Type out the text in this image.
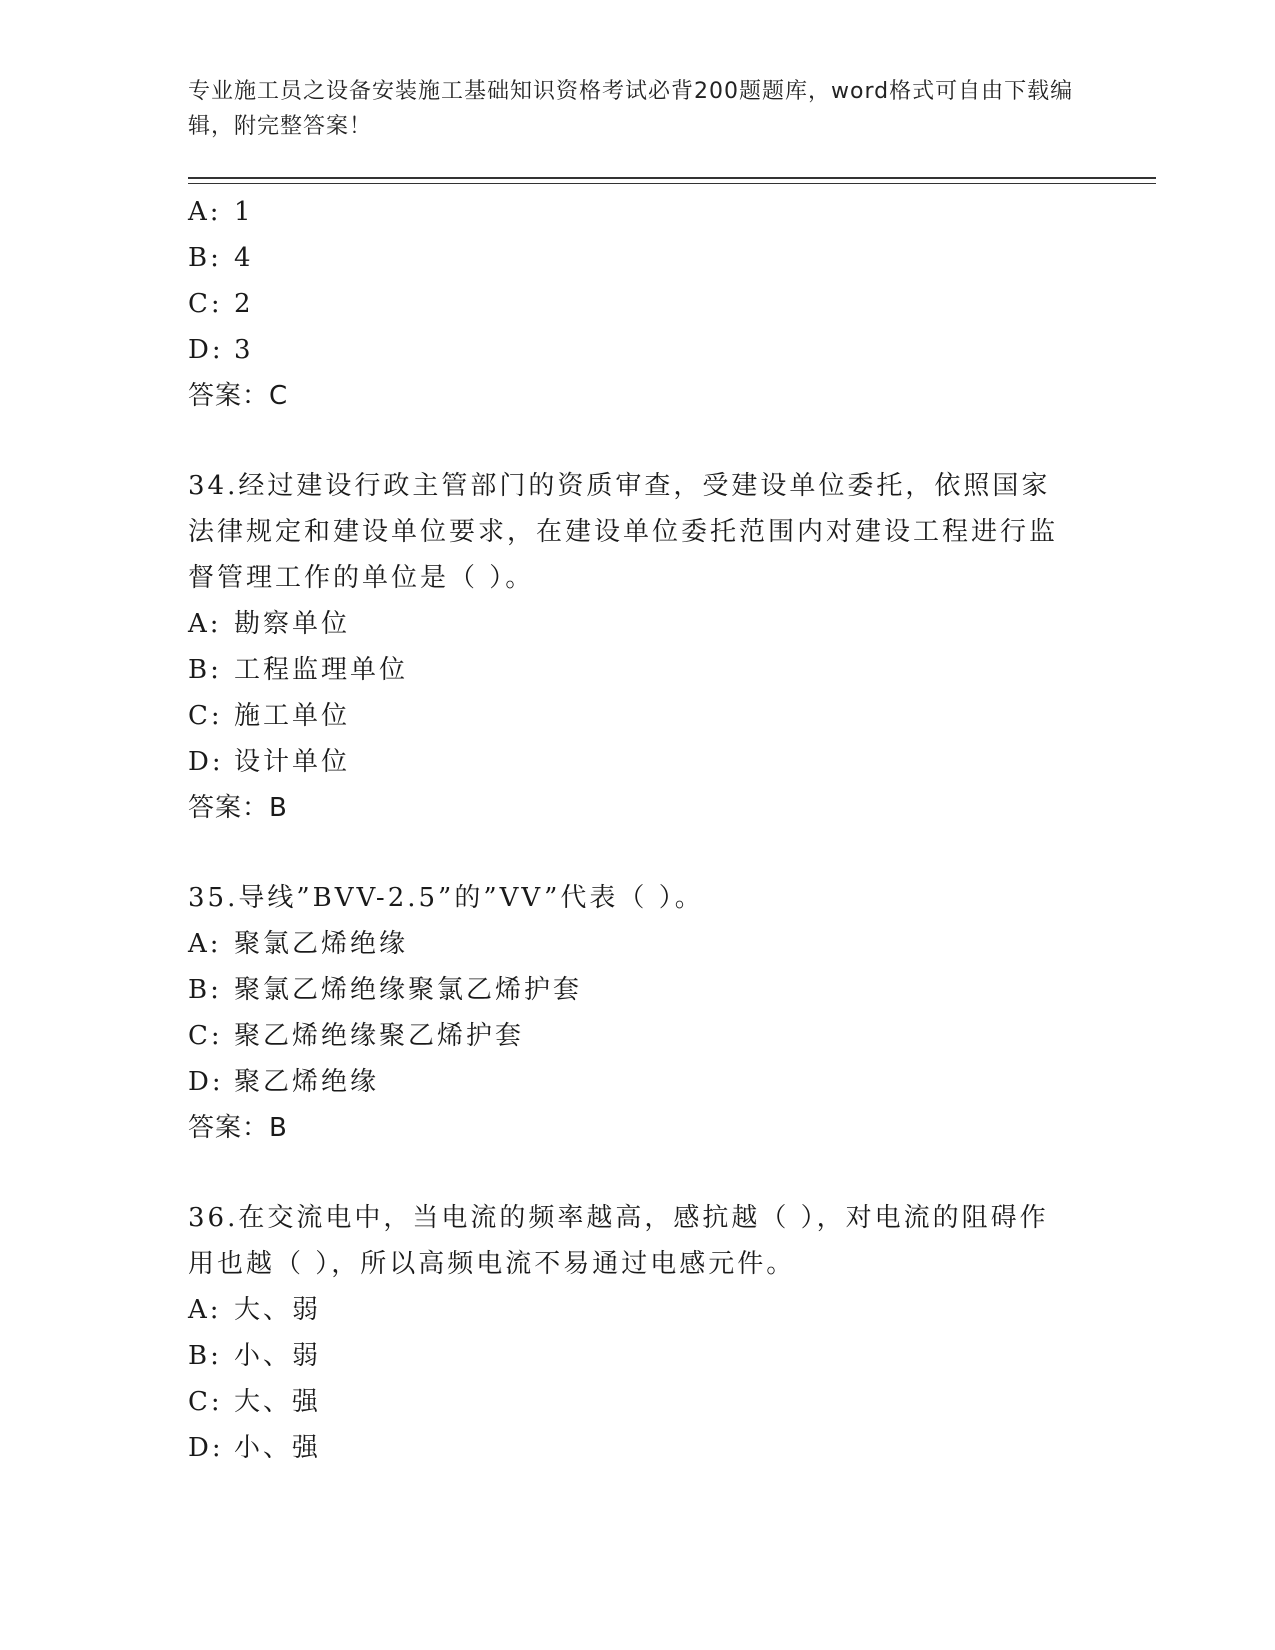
专业施工员之设备安装施工基础知识资格考试必背200题题库，word格式可自由下载编辑，附完整答案！
A: 1
B: 4
C: 2
D: 3
答案：C
34.经过建设行政主管部门的资质审查，受建设单位委托，依照国家法律规定和建设单位要求，在建设单位委托范围内对建设工程进行监督管理工作的单位是（ ）。
A: 勘察单位
B: 工程监理单位
C: 施工单位
D: 设计单位
答案：B
35.导线”BVV-2.5”的”VV”代表（ ）。
A: 聚氯乙烯绝缘
B: 聚氯乙烯绝缘聚氯乙烯护套
C: 聚乙烯绝缘聚乙烯护套
D: 聚乙烯绝缘
答案：B
36.在交流电中，当电流的频率越高，感抗越（ ），对电流的阻碍作用也越（ ），所以高频电流不易通过电感元件。
A: 大、弱
B: 小、弱
C: 大、强
D: 小、强
